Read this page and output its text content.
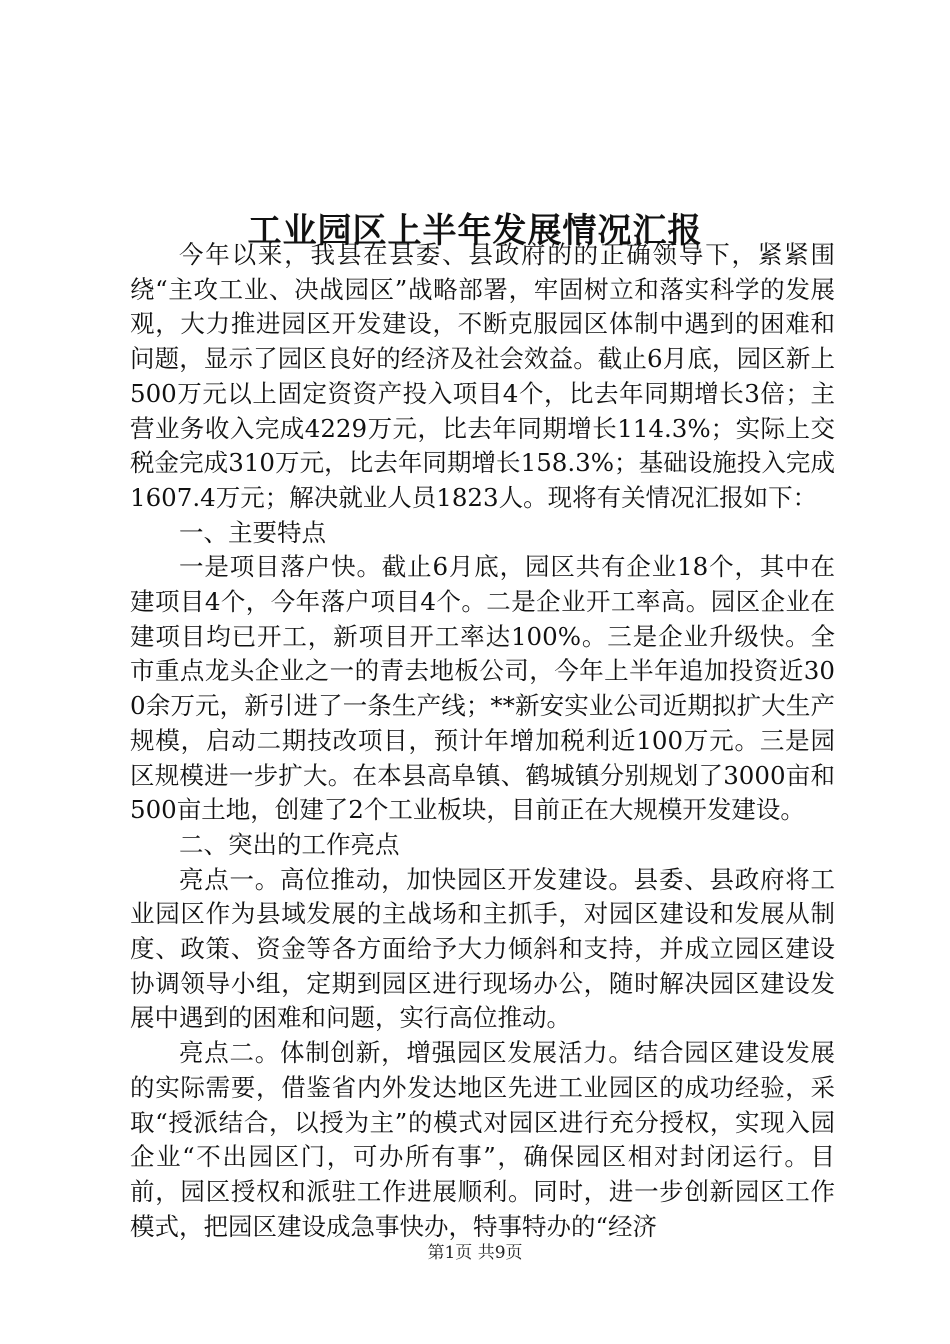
工业园区上半年发展情况汇报

今年以来，我县在县委、县政府的的正确领导下，紧紧围绕“主攻工业、决战园区”战略部署，牢固树立和落实科学的发展观，大力推进园区开发建设，不断克服园区体制中遇到的困难和问题，显示了园区良好的经济及社会效益。截止6月底，园区新上500万元以上固定资资产投入项目4个，比去年同期增长3倍；主营业务收入完成4229万元，比去年同期增长114.3%；实际上交税金完成310万元，比去年同期增长158.3%；基础设施投入完成1607.4万元；解决就业人员1823人。现将有关情况汇报如下：

一、主要特点

一是项目落户快。截止6月底，园区共有企业18个，其中在建项目4个，今年落户项目4个。二是企业开工率高。园区企业在建项目均已开工，新项目开工率达100%。三是企业升级快。全市重点龙头企业之一的青去地板公司，今年上半年追加投资近300余万元，新引进了一条生产线；**新安实业公司近期拟扩大生产规模，启动二期技改项目，预计年增加税利近100万元。三是园区规模进一步扩大。在本县高阜镇、鹤城镇分别规划了3000亩和500亩土地，创建了2个工业板块，目前正在大规模开发建设。

二、突出的工作亮点

亮点一。高位推动，加快园区开发建设。县委、县政府将工业园区作为县域发展的主战场和主抓手，对园区建设和发展从制度、政策、资金等各方面给予大力倾斜和支持，并成立园区建设协调领导小组，定期到园区进行现场办公，随时解决园区建设发展中遇到的困难和问题，实行高位推动。

亮点二。体制创新，增强园区发展活力。结合园区建设发展的实际需要，借鉴省内外发达地区先进工业园区的成功经验，采取“授派结合，以授为主”的模式对园区进行充分授权，实现入园企业“不出园区门，可办所有事”，确保园区相对封闭运行。目前，园区授权和派驻工作进展顺利。同时，进一步创新园区工作模式，把园区建设成急事快办，特事特办的“经济

第1页 共9页
